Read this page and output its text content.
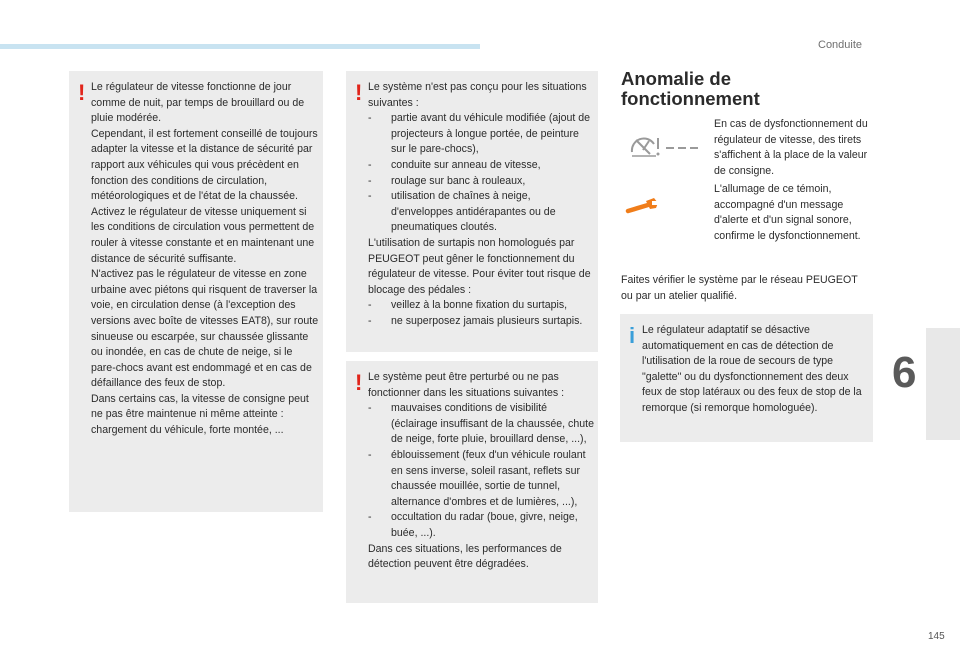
Conduite
6
145
! Le régulateur de vitesse fonctionne de jour comme de nuit, par temps de brouillard ou de pluie modérée.

Cependant, il est fortement conseillé de toujours adapter la vitesse et la distance de sécurité par rapport aux véhicules qui vous précèdent en fonction des conditions de circulation, météorologiques et de l'état de la chaussée.

Activez le régulateur de vitesse uniquement si les conditions de circulation vous permettent de rouler à vitesse constante et en maintenant une distance de sécurité suffisante.

N'activez pas le régulateur de vitesse en zone urbaine avec piétons qui risquent de traverser la voie, en circulation dense (à l'exception des versions avec boîte de vitesses EAT8), sur route sinueuse ou escarpée, sur chaussée glissante ou inondée, en cas de chute de neige, si le pare-chocs avant est endommagé et en cas de défaillance des feux de stop.

Dans certains cas, la vitesse de consigne peut ne pas être maintenue ni même atteinte : chargement du véhicule, forte montée, ...

! Le système n'est pas conçu pour les situations suivantes :

- partie avant du véhicule modifiée (ajout de projecteurs à longue portée, de peinture sur le pare-chocs),
- conduite sur anneau de vitesse,
- roulage sur banc à rouleaux,
- utilisation de chaînes à neige, d'enveloppes antidérapantes ou de pneumatiques cloutés.

L'utilisation de surtapis non homologués par PEUGEOT peut gêner le fonctionnement du régulateur de vitesse. Pour éviter tout risque de blocage des pédales :

- veillez à la bonne fixation du surtapis,
- ne superposez jamais plusieurs surtapis.
! Le système peut être perturbé ou ne pas fonctionner dans les situations suivantes :

- mauvaises conditions de visibilité (éclairage insuffisant de la chaussée, chute de neige, forte pluie, brouillard dense, ...),
- éblouissement (feux d'un véhicule roulant en sens inverse, soleil rasant, reflets sur chaussée mouillée, sortie de tunnel, alternance d'ombres et de lumières, ...),
- occultation du radar (boue, givre, neige, buée, ...).

Dans ces situations, les performances de détection peuvent être dégradées.

Anomalie de
fonctionnement
En cas de dysfonctionnement du régulateur de vitesse, des tirets s'affichent à la place de la valeur de consigne.
L'allumage de ce témoin, accompagné d'un message d'alerte et d'un signal sonore, confirme le dysfonctionnement.
Faites vérifier le système par le réseau PEUGEOT ou par un atelier qualifié.
i Le régulateur adaptatif se désactive automatiquement en cas de détection de l'utilisation de la roue de secours de type "galette" ou du dysfonctionnement des deux feux de stop latéraux ou des feux de stop de la remorque (si remorque homologuée).
